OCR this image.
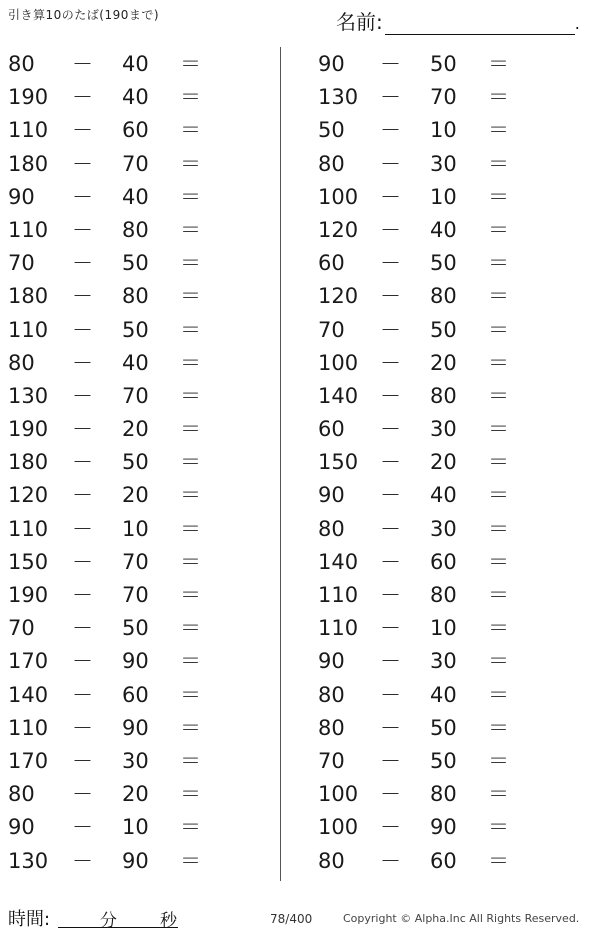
引き算10のたば(190まで)	名前:	.
80	－ 40 ＝
190	－ 40 ＝
110	－ 60 ＝
180	－ 70 ＝
90	－ 40 ＝
110	－ 80 ＝
70	－ 50 ＝
180	－ 80 ＝
110	－ 50 ＝
80	－ 40 ＝
130	－ 70 ＝
190	－ 20 ＝
180	－ 50 ＝
120	－ 20 ＝
110	－ 10 ＝
150	－ 70 ＝
190	－ 70 ＝
70	－ 50 ＝
170	－ 90 ＝
140	－ 60 ＝
110	－ 90 ＝
170	－ 30 ＝
80	－ 20 ＝
90	－ 10 ＝
130	－ 90 ＝
90	－ 50 ＝
130	－ 70 ＝
50	－ 10 ＝
80	－ 30 ＝
100	－ 10 ＝
120	－ 40 ＝
60	－ 50 ＝
120	－ 80 ＝
70	－ 50 ＝
100	－ 20 ＝
140	－ 80 ＝
60	－ 30 ＝
150	－ 20 ＝
90	－ 40 ＝
80	－ 30 ＝
140	－ 60 ＝
110	－ 80 ＝
110	－ 10 ＝
90	－ 30 ＝
80	－ 40 ＝
80	－ 50 ＝
70	－ 50 ＝
100	－ 80 ＝
100	－ 90 ＝
80	－ 60 ＝
時間:	分	秒	78/400	Copyright © Alpha.Inc All Rights Reserved.
